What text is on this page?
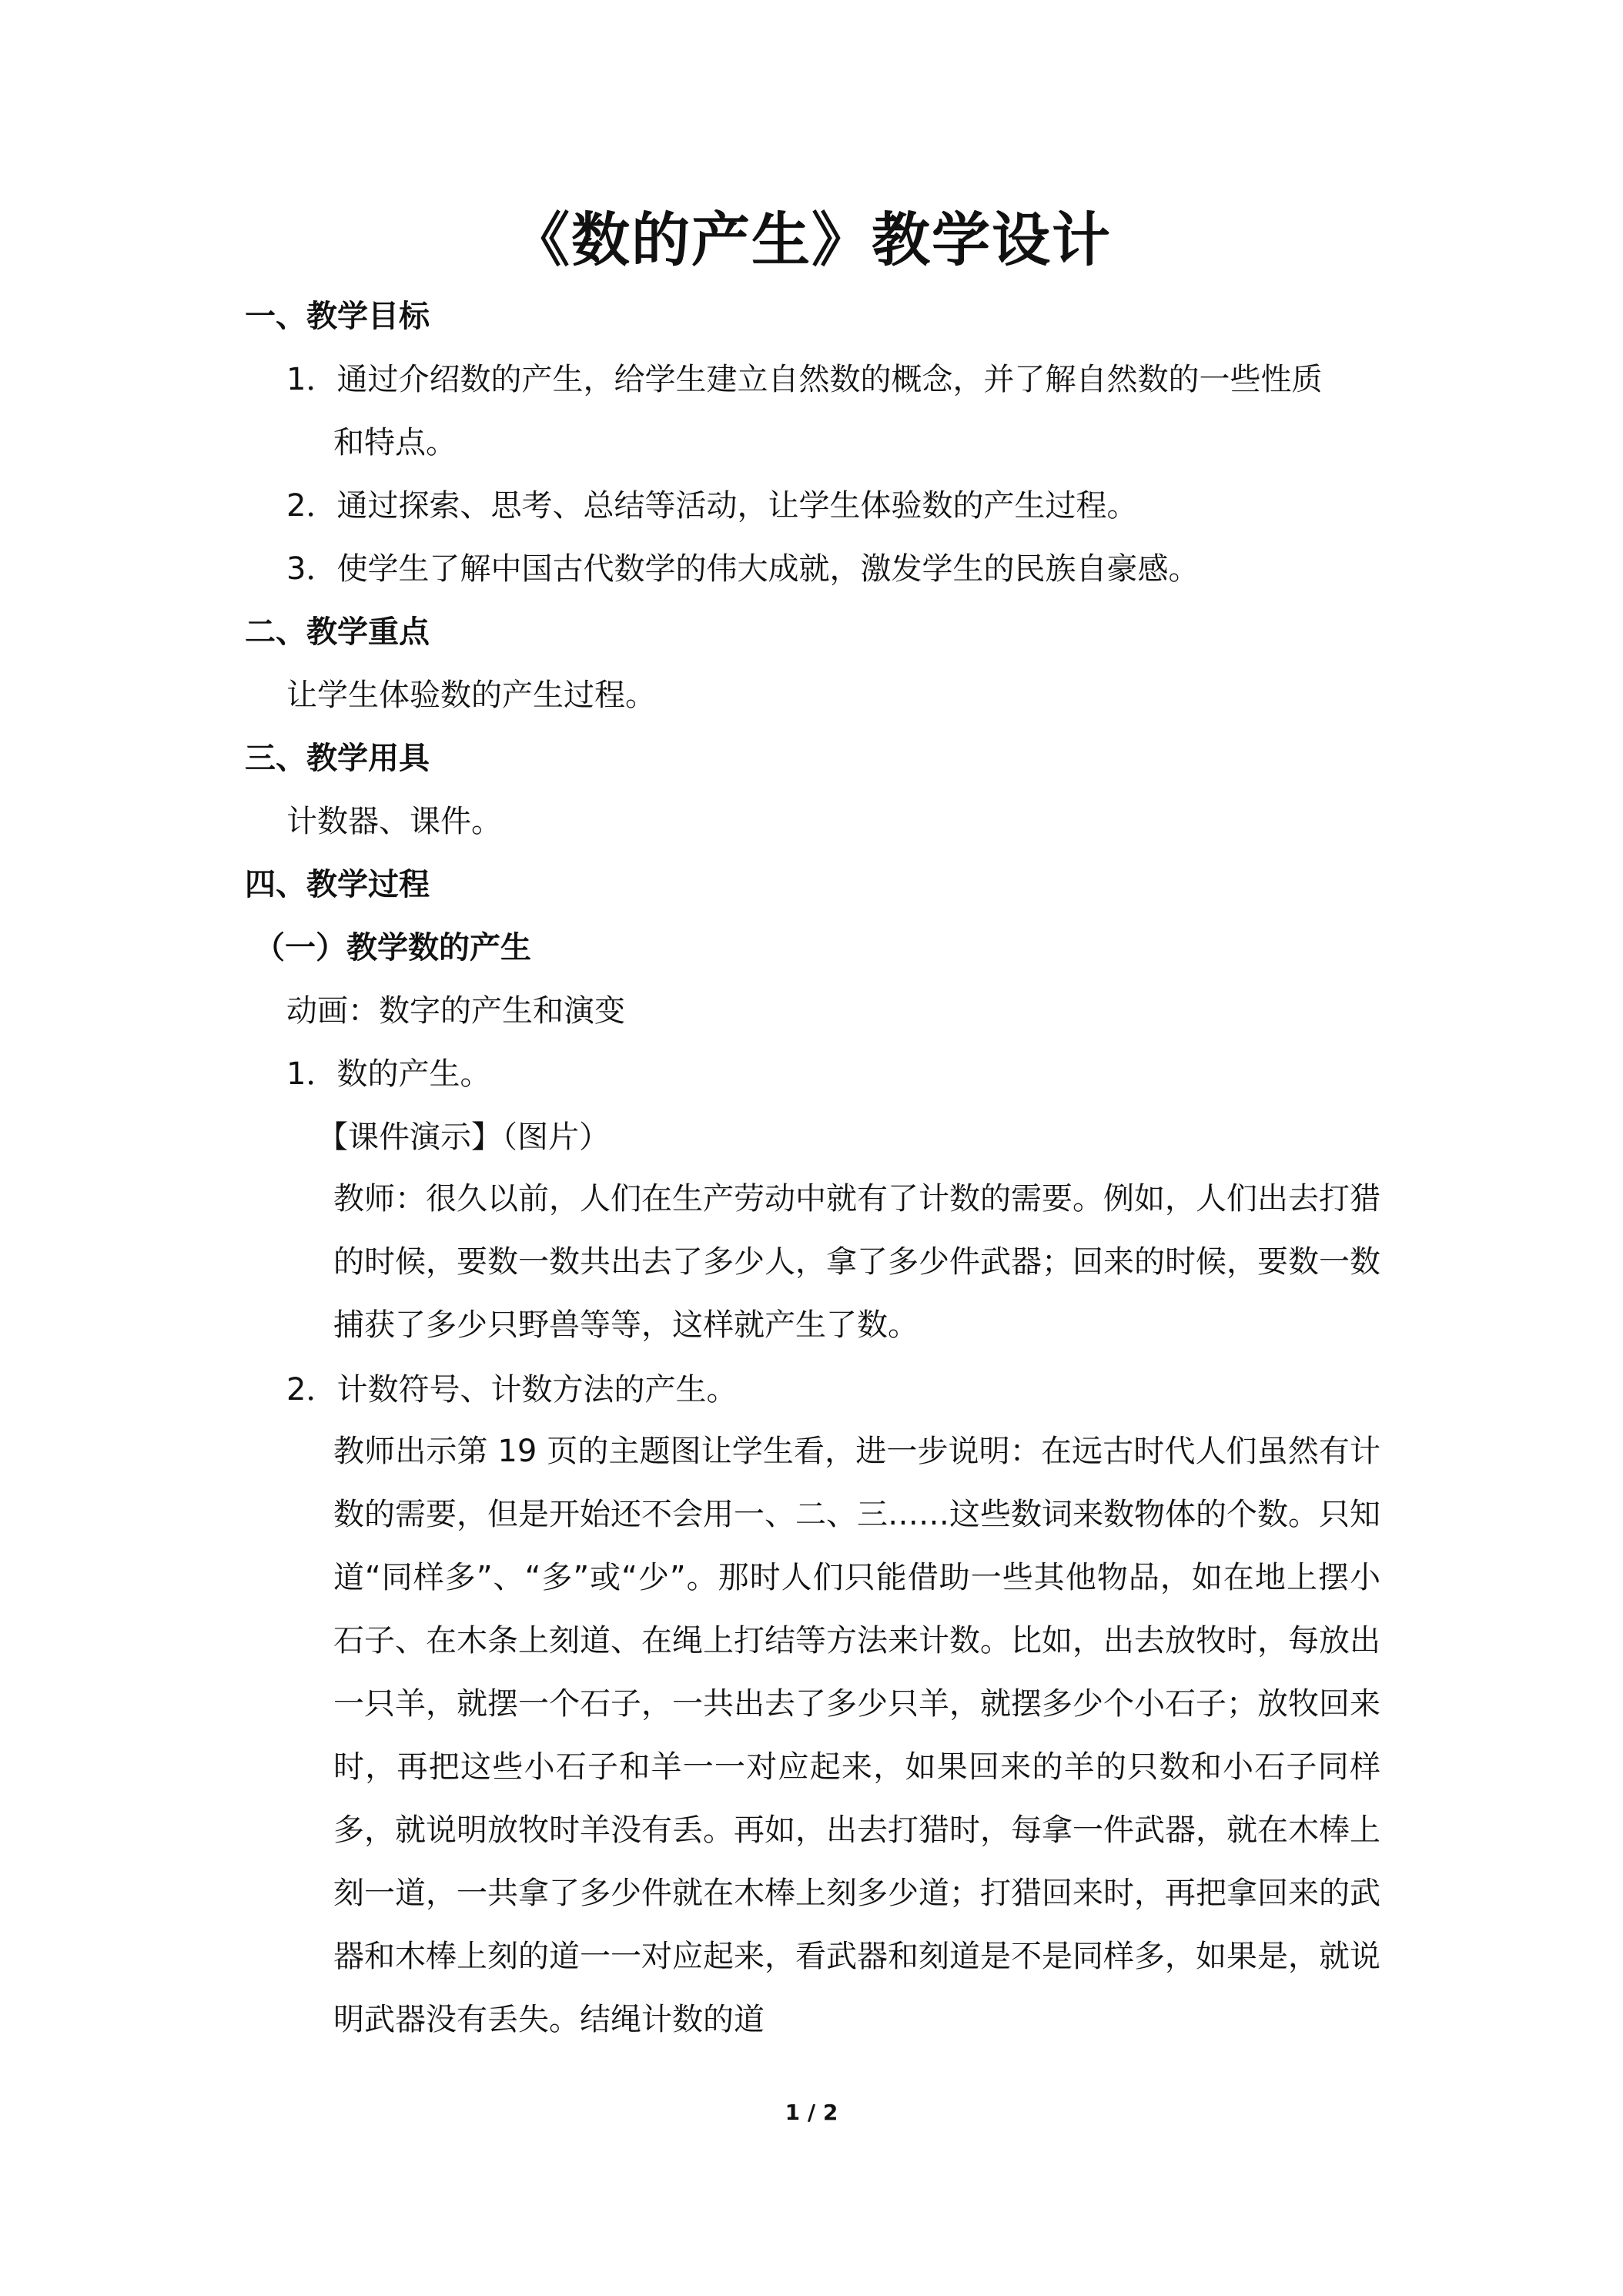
《数的产生》教学设计
一、教学目标
1．通过介绍数的产生，给学生建立自然数的概念，并了解自然数的一些性质
和特点。
2．通过探索、思考、总结等活动，让学生体验数的产生过程。
3．使学生了解中国古代数学的伟大成就，激发学生的民族自豪感。
二、教学重点
让学生体验数的产生过程。
三、教学用具
计数器、课件。
四、教学过程
（一）教学数的产生
动画：数字的产生和演变
1．数的产生。
【课件演示】（图片）
教师：很久以前，人们在生产劳动中就有了计数的需要。例如，人们出去打猎的时候，要数一数共出去了多少人，拿了多少件武器；回来的时候，要数一数捕获了多少只野兽等等，这样就产生了数。
2．计数符号、计数方法的产生。
教师出示第 19 页的主题图让学生看，进一步说明：在远古时代人们虽然有计数的需要，但是开始还不会用一、二、三……这些数词来数物体的个数。只知道“同样多”、“多”或“少”。那时人们只能借助一些其他物品，如在地上摆小石子、在木条上刻道、在绳上打结等方法来计数。比如，出去放牧时，每放出一只羊，就摆一个石子，一共出去了多少只羊，就摆多少个小石子；放牧回来时，再把这些小石子和羊一一对应起来，如果回来的羊的只数和小石子同样多，就说明放牧时羊没有丢。再如，出去打猎时，每拿一件武器，就在木棒上刻一道，一共拿了多少件就在木棒上刻多少道；打猎回来时，再把拿回来的武器和木棒上刻的道一一对应起来，看武器和刻道是不是同样多，如果是，就说明武器没有丢失。结绳计数的道
1 / 2
